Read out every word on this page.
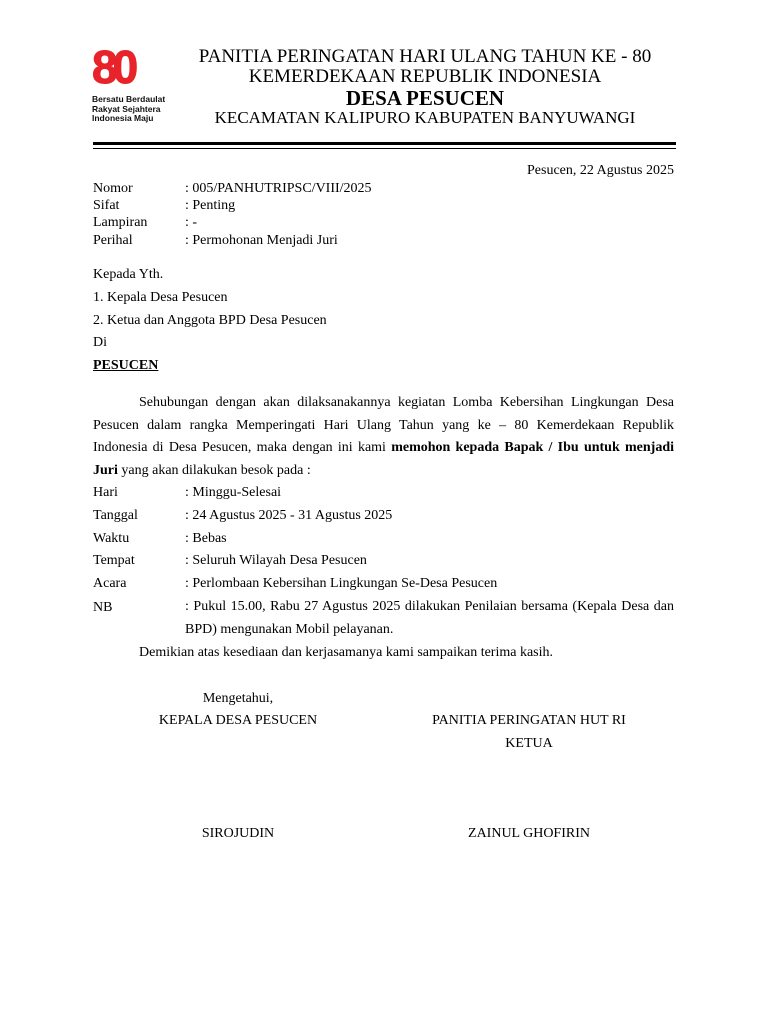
80
Bersatu Berdaulat
Rakyat Sejahtera
Indonesia Maju
PANITIA PERINGATAN HARI ULANG TAHUN KE - 80
KEMERDEKAAN REPUBLIK INDONESIA
DESA PESUCEN
KECAMATAN KALIPURO KABUPATEN BANYUWANGI
Pesucen, 22 Agustus 2025
Nomor	: 005/PANHUTRIPSC/VIII/2025
Sifat	: Penting
Lampiran	: -
Perihal	: Permohonan Menjadi Juri
Kepada Yth.
1. Kepala Desa Pesucen
2. Ketua dan Anggota BPD Desa Pesucen
Di
PESUCEN
Sehubungan dengan akan dilaksanakannya kegiatan Lomba Kebersihan Lingkungan Desa Pesucen dalam rangka Memperingati Hari Ulang Tahun yang ke – 80 Kemerdekaan Republik Indonesia di Desa Pesucen, maka dengan ini kami memohon kepada Bapak / Ibu untuk menjadi Juri yang akan dilakukan besok pada :
Hari	: Minggu-Selesai
Tanggal	: 24 Agustus 2025 - 31 Agustus 2025
Waktu	: Bebas
Tempat	: Seluruh Wilayah Desa Pesucen
Acara	: Perlombaan Kebersihan Lingkungan Se-Desa Pesucen
NB	: Pukul 15.00, Rabu 27 Agustus 2025 dilakukan Penilaian bersama (Kepala Desa dan BPD) mengunakan Mobil pelayanan.
Demikian atas kesediaan dan kerjasamanya kami sampaikan terima kasih.
Mengetahui,
KEPALA DESA PESUCEN	PANITIA PERINGATAN HUT RI
KETUA
SIROJUDIN	ZAINUL GHOFIRIN
